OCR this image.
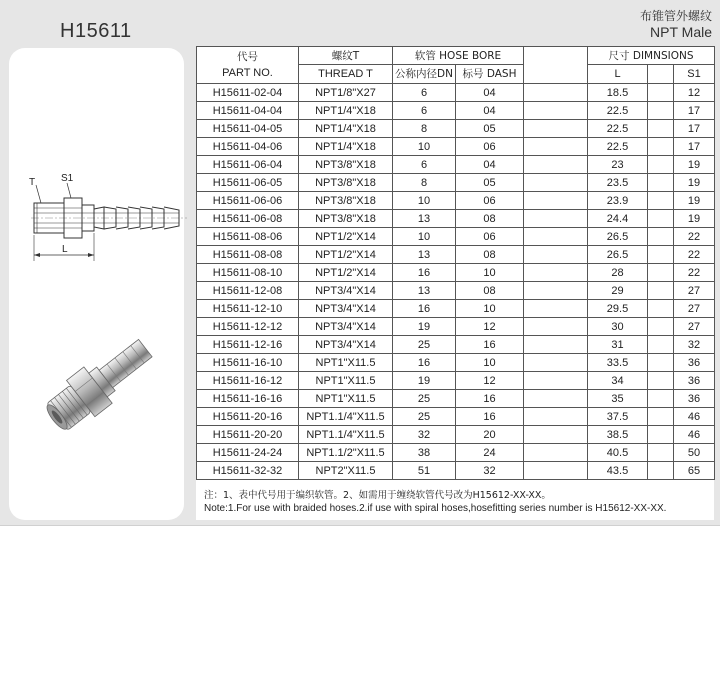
H15611
布锥管外螺纹
NPT Male
T	S1
L
代号
PART NO.	螺纹T	软管 HOSE BORE			尺寸 DIMNSIONS		
	THREAD T	公称内径DN	标号 DASH		L		S1
H15611-02-04	NPT1/8"X27	6	04		18.5		12
H15611-04-04	NPT1/4"X18	6	04		22.5		17
H15611-04-05	NPT1/4"X18	8	05		22.5		17
H15611-04-06	NPT1/4"X18	10	06		22.5		17
H15611-06-04	NPT3/8"X18	6	04		23		19
H15611-06-05	NPT3/8"X18	8	05		23.5		19
H15611-06-06	NPT3/8"X18	10	06		23.9		19
H15611-06-08	NPT3/8"X18	13	08		24.4		19
H15611-08-06	NPT1/2"X14	10	06		26.5		22
H15611-08-08	NPT1/2"X14	13	08		26.5		22
H15611-08-10	NPT1/2"X14	16	10		28		22
H15611-12-08	NPT3/4"X14	13	08		29		27
H15611-12-10	NPT3/4"X14	16	10		29.5		27
H15611-12-12	NPT3/4"X14	19	12		30		27
H15611-12-16	NPT3/4"X14	25	16		31		32
H15611-16-10	NPT1"X11.5	16	10		33.5		36
H15611-16-12	NPT1"X11.5	19	12		34		36
H15611-16-16	NPT1"X11.5	25	16		35		36
H15611-20-16	NPT1.1/4"X11.5	25	16		37.5		46
H15611-20-20	NPT1.1/4"X11.5	32	20		38.5		46
H15611-24-24	NPT1.1/2"X11.5	38	24		40.5		50
H15611-32-32	NPT2"X11.5	51	32		43.5		65
注：1、表中代号用于编织软管。2、如需用于缠绕软管代号改为H15612-XX-XX。
Note:1.For use with braided hoses.2.if use with spiral hoses,hosefitting series number is H15612-XX-XX.
